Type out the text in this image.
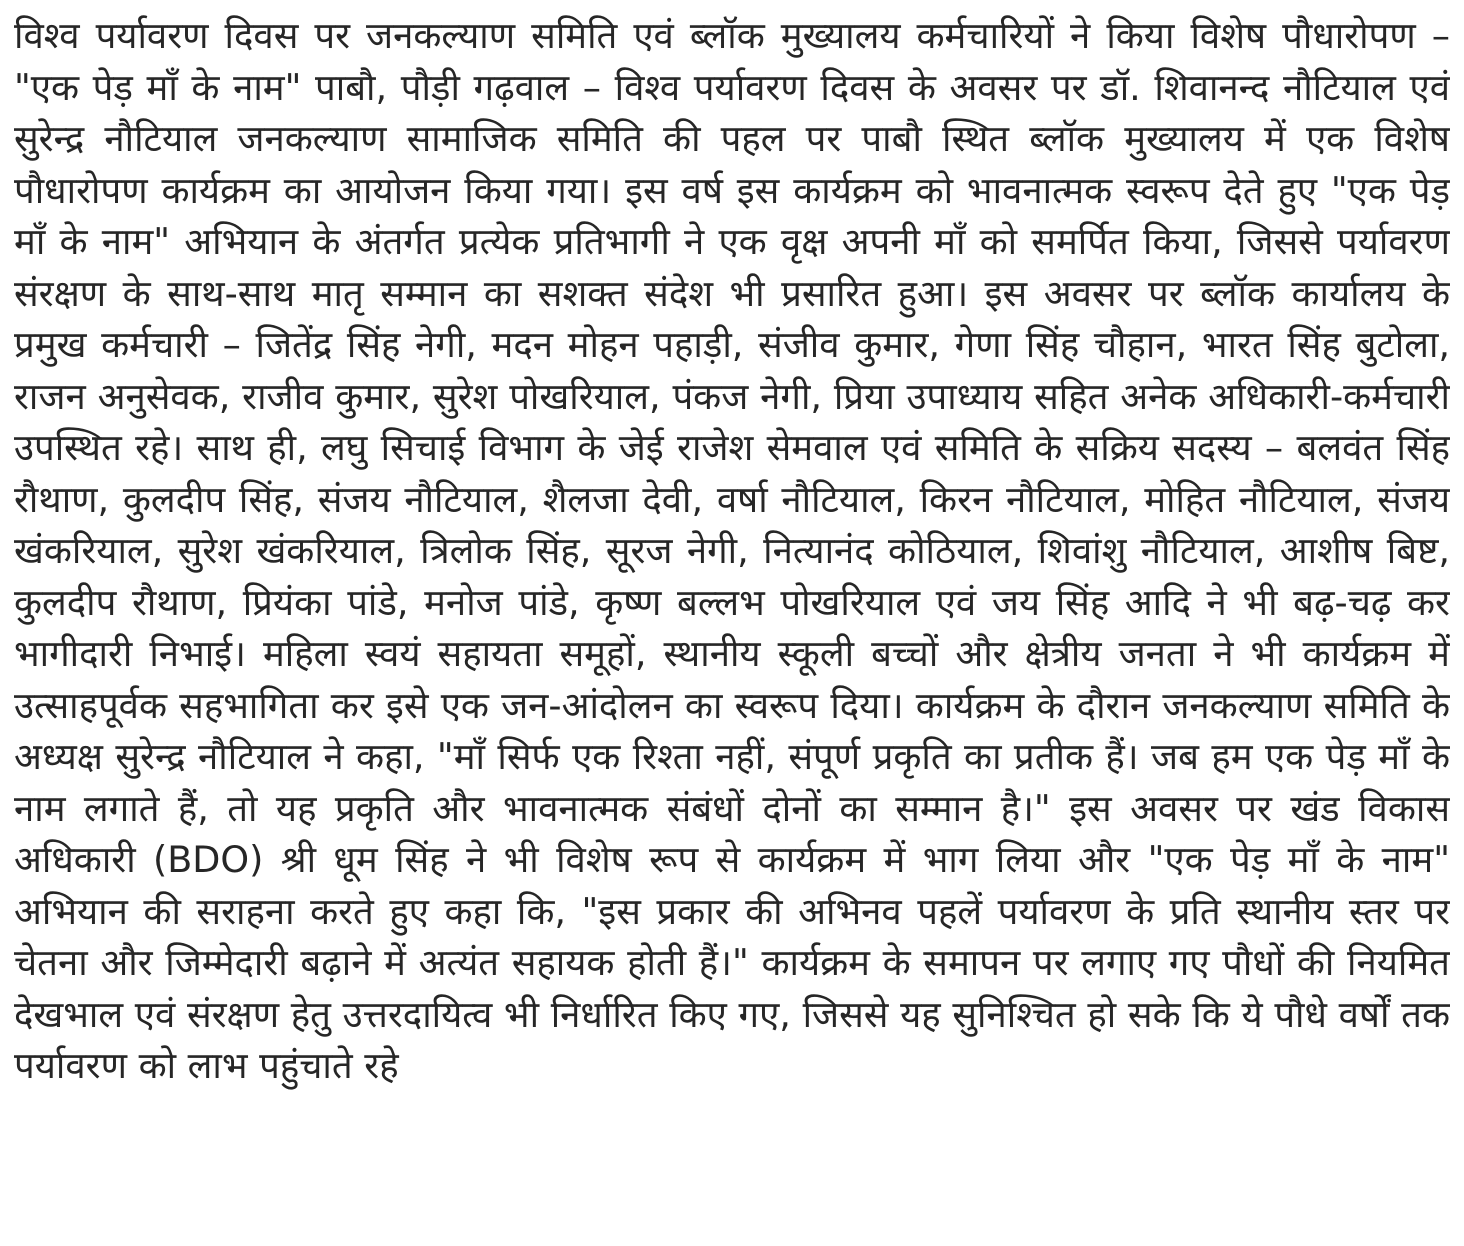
विश्व पर्यावरण दिवस पर जनकल्याण समिति एवं ब्लॉक मुख्यालय कर्मचारियों ने किया विशेष पौधारोपण – "एक पेड़ माँ के नाम" पाबौ, पौड़ी गढ़वाल – विश्व पर्यावरण दिवस के अवसर पर डॉ. शिवानन्द नौटियाल एवं सुरेन्द्र नौटियाल जनकल्याण सामाजिक समिति की पहल पर पाबौ स्थित ब्लॉक मुख्यालय में एक विशेष पौधारोपण कार्यक्रम का आयोजन किया गया। इस वर्ष इस कार्यक्रम को भावनात्मक स्वरूप देते हुए "एक पेड़ माँ के नाम" अभियान के अंतर्गत प्रत्येक प्रतिभागी ने एक वृक्ष अपनी माँ को समर्पित किया, जिससे पर्यावरण संरक्षण के साथ-साथ मातृ सम्मान का सशक्त संदेश भी प्रसारित हुआ। इस अवसर पर ब्लॉक कार्यालय के प्रमुख कर्मचारी – जितेंद्र सिंह नेगी, मदन मोहन पहाड़ी, संजीव कुमार, गेणा सिंह चौहान, भारत सिंह बुटोला, राजन अनुसेवक, राजीव कुमार, सुरेश पोखरियाल, पंकज नेगी, प्रिया उपाध्याय सहित अनेक अधिकारी-कर्मचारी उपस्थित रहे। साथ ही, लघु सिचाई विभाग के जेई राजेश सेमवाल एवं समिति के सक्रिय सदस्य – बलवंत सिंह रौथाण, कुलदीप सिंह, संजय नौटियाल, शैलजा देवी, वर्षा नौटियाल, किरन नौटियाल, मोहित नौटियाल, संजय खंकरियाल, सुरेश खंकरियाल, त्रिलोक सिंह, सूरज नेगी, नित्यानंद कोठियाल, शिवांशु नौटियाल, आशीष बिष्ट, कुलदीप रौथाण, प्रियंका पांडे, मनोज पांडे, कृष्ण बल्लभ पोखरियाल एवं जय सिंह आदि ने भी बढ़-चढ़ कर भागीदारी निभाई। महिला स्वयं सहायता समूहों, स्थानीय स्कूली बच्चों और क्षेत्रीय जनता ने भी कार्यक्रम में उत्साहपूर्वक सहभागिता कर इसे एक जन-आंदोलन का स्वरूप दिया। कार्यक्रम के दौरान जनकल्याण समिति के अध्यक्ष सुरेन्द्र नौटियाल ने कहा, "माँ सिर्फ एक रिश्ता नहीं, संपूर्ण प्रकृति का प्रतीक हैं। जब हम एक पेड़ माँ के नाम लगाते हैं, तो यह प्रकृति और भावनात्मक संबंधों दोनों का सम्मान है।" इस अवसर पर खंड विकास अधिकारी (BDO) श्री धूम सिंह ने भी विशेष रूप से कार्यक्रम में भाग लिया और "एक पेड़ माँ के नाम" अभियान की सराहना करते हुए कहा कि, "इस प्रकार की अभिनव पहलें पर्यावरण के प्रति स्थानीय स्तर पर चेतना और जिम्मेदारी बढ़ाने में अत्यंत सहायक होती हैं।" कार्यक्रम के समापन पर लगाए गए पौधों की नियमित देखभाल एवं संरक्षण हेतु उत्तरदायित्व भी निर्धारित किए गए, जिससे यह सुनिश्चित हो सके कि ये पौधे वर्षों तक पर्यावरण को लाभ पहुंचाते रहे
